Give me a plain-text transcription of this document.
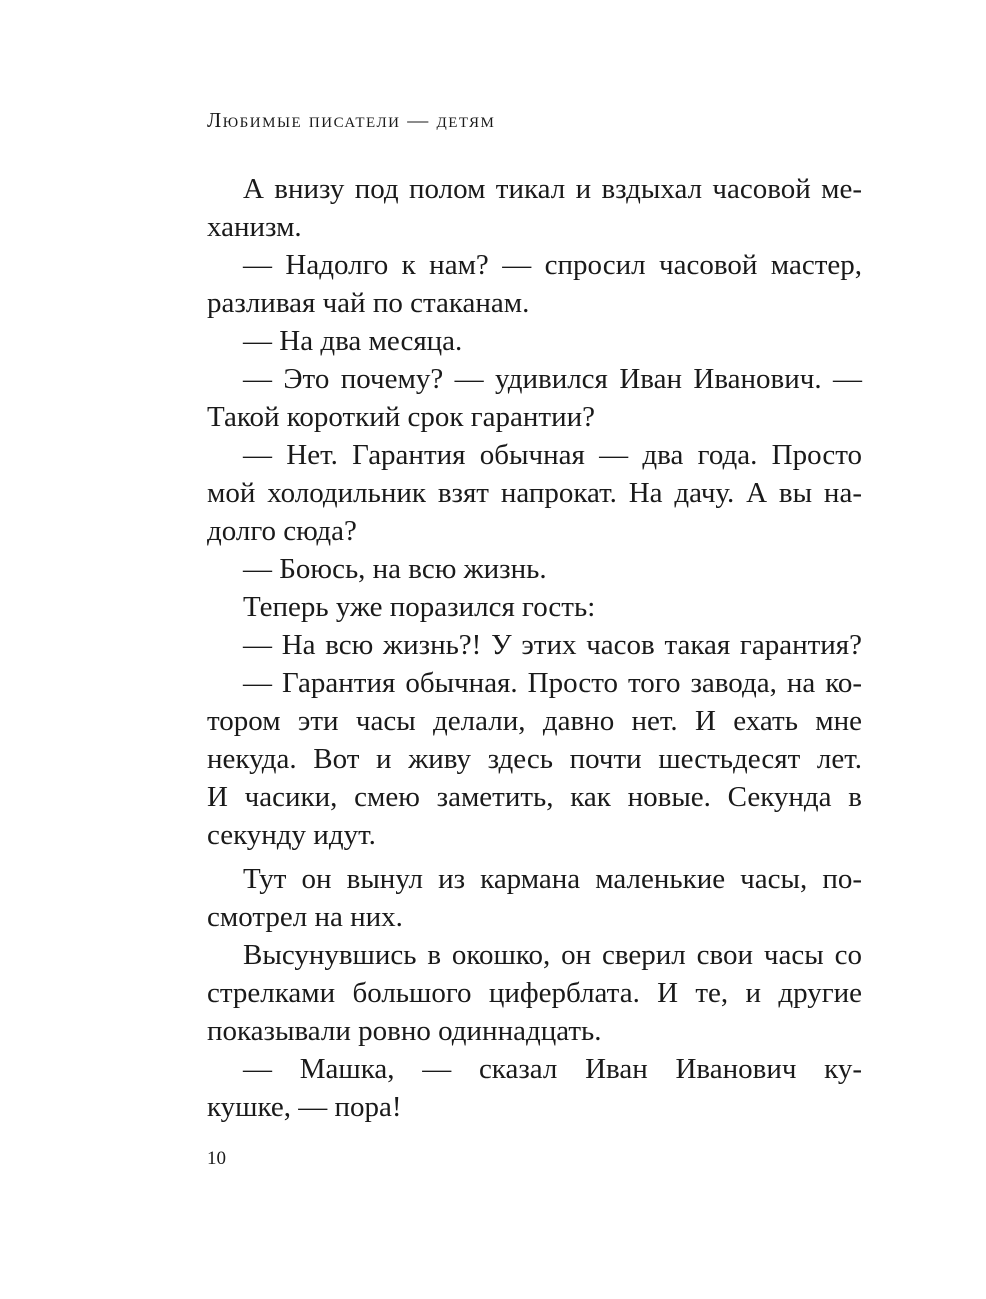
Любимые писатели — детям
А внизу под полом тикал и вздыхал часовой ме-
ханизм.
— Надолго к нам? — спросил часовой мастер,
разливая чай по стаканам.
— На два месяца.
— Это почему? — удивился Иван Иванович. —
Такой короткий срок гарантии?
— Нет. Гарантия обычная — два года. Просто
мой холодильник взят напрокат. На дачу. А вы на-
долго сюда?
— Боюсь, на всю жизнь.
Теперь уже поразился гость:
— На всю жизнь?! У этих часов такая гарантия?
— Гарантия обычная. Просто того завода, на ко-
тором эти часы делали, давно нет. И ехать мне
некуда. Вот и живу здесь почти шестьдесят лет.
И часики, смею заметить, как новые. Секунда в
секунду идут.
Тут он вынул из кармана маленькие часы, по-
смотрел на них.
Высунувшись в окошко, он сверил свои часы со
стрелками большого циферблата. И те, и другие
показывали ровно одиннадцать.
— Машка, — сказал Иван Иванович ку-
кушке, — пора!
10
